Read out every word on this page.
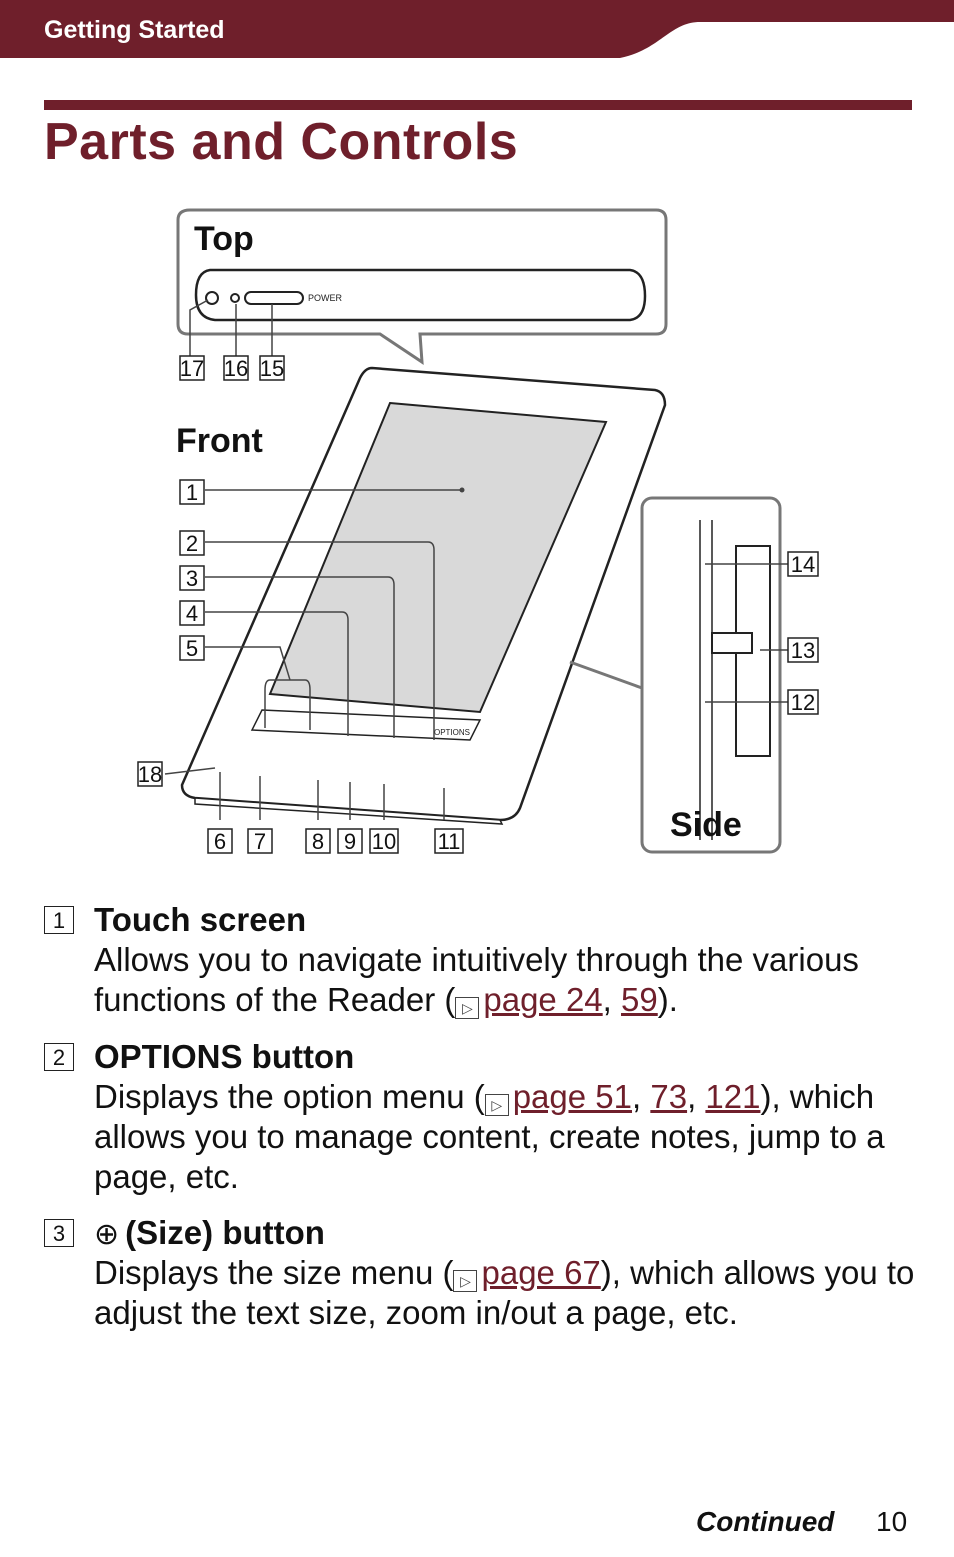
Getting Started
Parts and Controls
Top
POWER
Front
OPTIONS
Side
17 16 15
1
2
3
4
5
18
6 7 8 9 10 11
14
13
12
1 Touch screen

Allows you to navigate intuitively through the various functions of the Reader ( ▷ page 24, 59).

2 OPTIONS button

Displays the option menu ( ▷ page 51, 73, 121), which allows you to manage content, create notes, jump to a page, etc.

3 ⊕ (Size) button

Displays the size menu ( ▷ page 67), which allows you to adjust the text size, zoom in/out a page, etc.

Continued 10
